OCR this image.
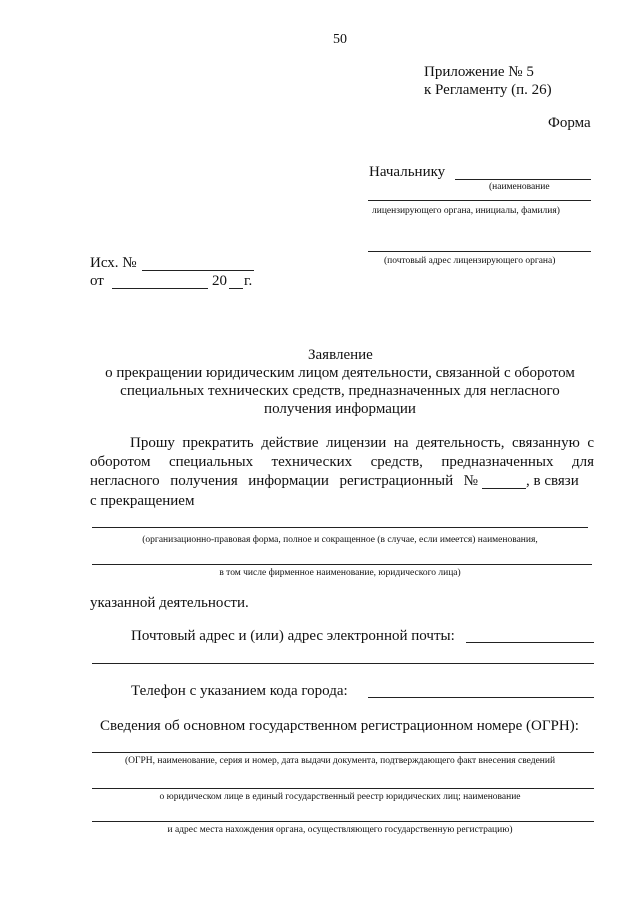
50
Приложение № 5
к Регламенту (п. 26)
Форма
Начальнику
(наименование
лицензирующего органа, инициалы, фамилия)
(почтовый адрес лицензирующего органа)
Исх. №
от	20 г.
Заявление
о прекращении юридическим лицом деятельности, связанной с оборотом
специальных технических средств, предназначенных для негласного
получения информации
Прошу прекратить действие лицензии на деятельность, связанную с
оборотом специальных технических средств, предназначенных для
негласного получения информации регистрационный №	, в связи
с прекращением
(организационно-правовая форма, полное и сокращенное (в случае, если имеется) наименования,
в том числе фирменное наименование, юридического лица)
указанной деятельности.
Почтовый адрес и (или) адрес электронной почты:
Телефон с указанием кода города:
Сведения об основном государственном регистрационном номере (ОГРН):
(ОГРН, наименование, серия и номер, дата выдачи документа, подтверждающего факт внесения сведений
о юридическом лице в единый государственный реестр юридических лиц; наименование
и адрес места нахождения органа, осуществляющего государственную регистрацию)
